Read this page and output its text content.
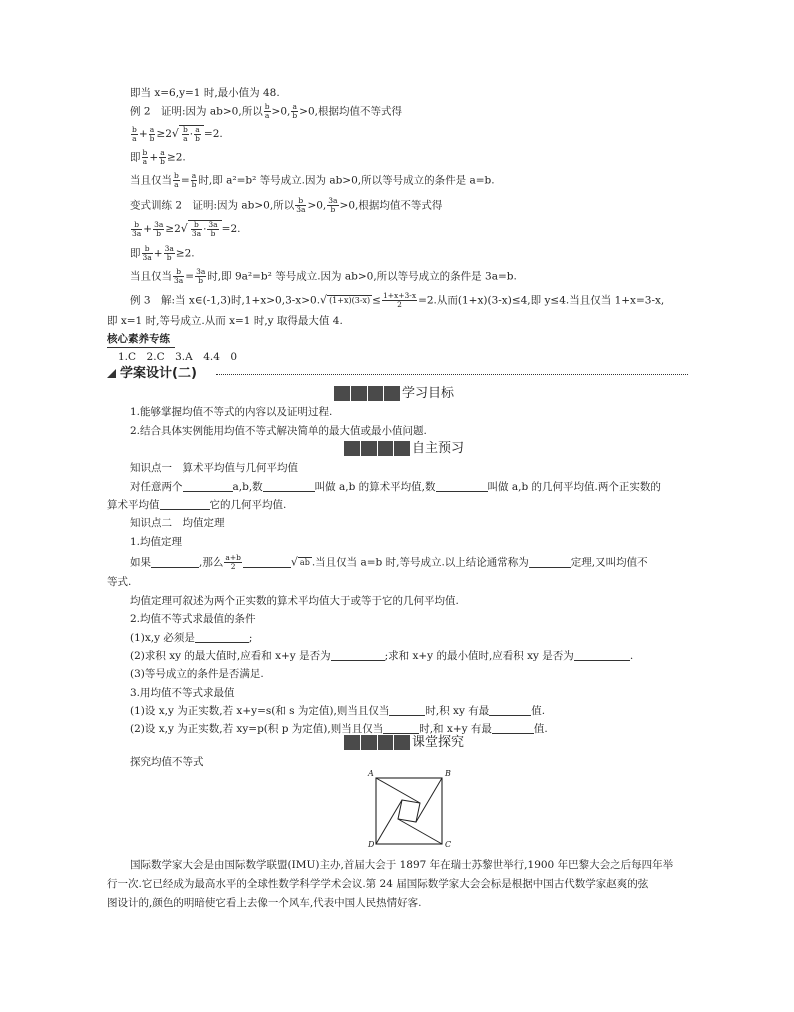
即当 x=6,y=1 时,最小值为 48.
例 2　证明:因为 ab>0,所以 $\frac{b}{a} >0$, $\frac{a}{b} >0$,根据均值不等式得
$\frac{b}{a} + \frac{a}{b} \ge 2√ \frac{b}{a} \cdot \frac{a}{b} =2$.
即 $\frac{b}{a} + \frac{a}{b} \ge 2$.
当且仅当 $\frac{b}{a} = \frac{a}{b}$ 时,即 a²=b² 等号成立.因为 ab>0,所以等号成立的条件是 a=b.
变式训练 2　证明:因为 ab>0,所以 $\frac{b}{3a} >0$, $\frac{3a}{b} >0$,根据均值不等式得
$\frac{b}{3a} + \frac{3a}{b} \ge 2√ \frac{b}{3a} \cdot \frac{3a}{b} =2$.
即 $\frac{b}{3a} + \frac{3a}{b} \ge 2$.
当且仅当 $\frac{b}{3a} = \frac{3a}{b}$ 时,即 9a²=b² 等号成立.因为 ab>0,所以等号成立的条件是 3a=b.
例 3　解:当 x∈(-1,3)时,1+x>0,3-x>0.√ $(1+x)(3-x) \le \frac{1+x+3-x}{2} =2$.从而(1+x)(3-x)≤4,即 y≤4.当且仅当 1+x=3-x,
即 x=1 时,等号成立.从而 x=1 时,y 取得最大值 4.
核心素养专练
1.C　2.C　3.A　4.4　0
学案设计(二)
学习目标
1.能够掌握均值不等式的内容以及证明过程.
2.结合具体实例能用均值不等式解决简单的最大值或最小值问题.
自主预习
知识点一　算术平均值与几何平均值
对任意两个	a,b,数	叫做 a,b 的算术平均值,数	叫做 a,b 的几何平均值.两个正实数的
算术平均值	它的几何平均值.
知识点二　均值定理
1.均值定理
如果	,那么 $\frac{a+b}{2}$	√ ab .当且仅当 a=b 时,等号成立.以上结论通常称为	定理,又叫均值不
等式.
均值定理可叙述为两个正实数的算术平均值大于或等于它的几何平均值.
2.均值不等式求最值的条件
(1)x,y 必须是	;
(2)求积 xy 的最大值时,应看和 x+y 是否为	;求和 x+y 的最小值时,应看积 xy 是否为	.
(3)等号成立的条件是否满足.
3.用均值不等式求最值
(1)设 x,y 为正实数,若 x+y=s(和 s 为定值),则当且仅当	时,积 xy 有最	值.
(2)设 x,y 为正实数,若 xy=p(积 p 为定值),则当且仅当	时,和 x+y 有最	值.
课堂探究
探究均值不等式
A	B
D	C
国际数学家大会是由国际数学联盟(IMU)主办,首届大会于 1897 年在瑞士苏黎世举行,1900 年巴黎大会之后每四年举
行一次.它已经成为最高水平的全球性数学科学学术会议.第 24 届国际数学家大会会标是根据中国古代数学家赵爽的弦
图设计的,颜色的明暗使它看上去像一个风车,代表中国人民热情好客.
